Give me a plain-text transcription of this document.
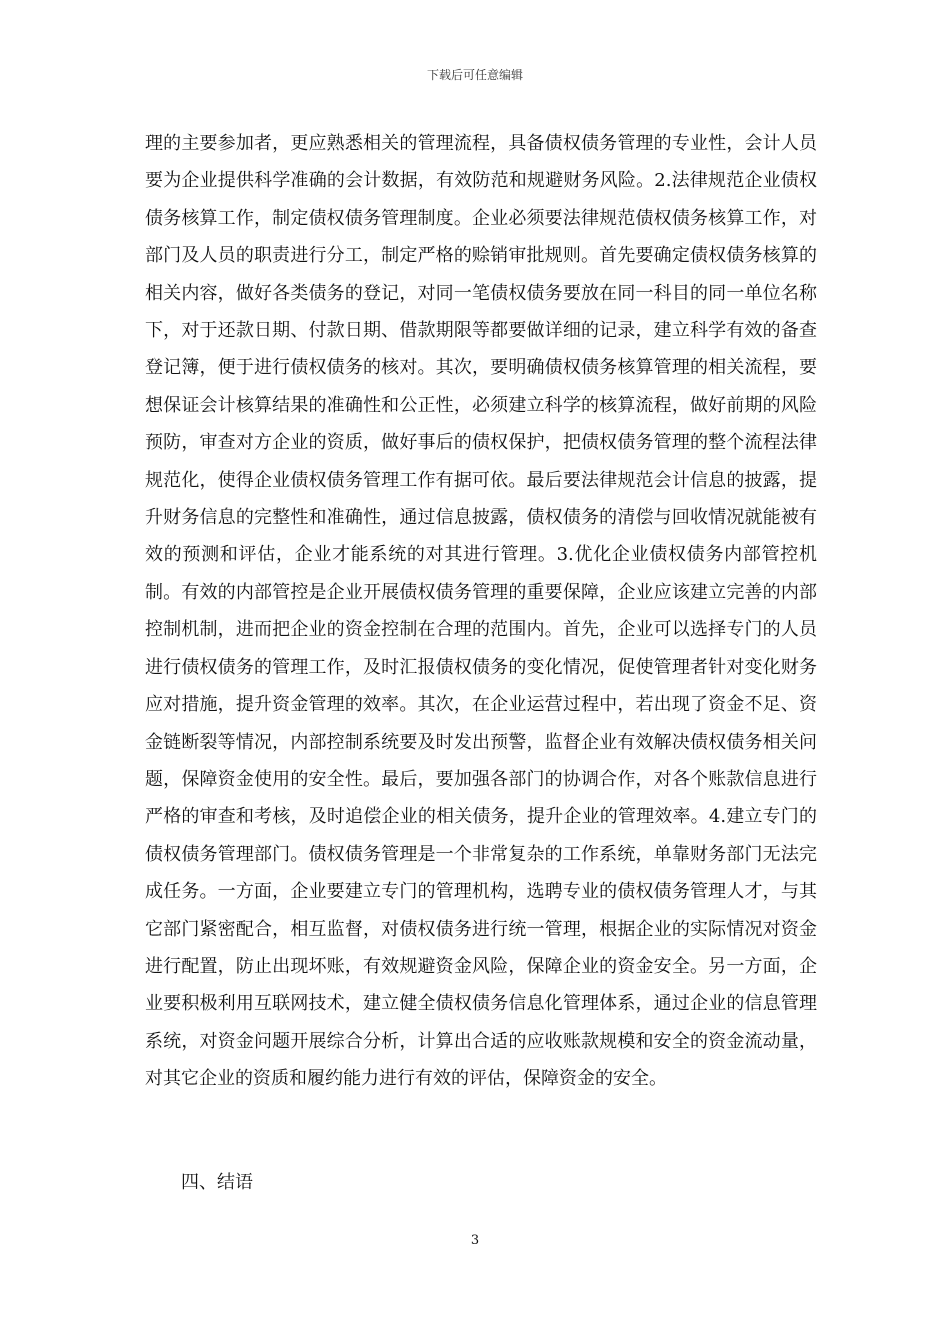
下载后可任意编辑

理的主要参加者，更应熟悉相关的管理流程，具备债权债务管理的专业性，会计人员要为企业提供科学准确的会计数据，有效防范和规避财务风险。2.法律规范企业债权债务核算工作，制定债权债务管理制度。企业必须要法律规范债权债务核算工作，对部门及人员的职责进行分工，制定严格的赊销审批规则。首先要确定债权债务核算的相关内容，做好各类债务的登记，对同一笔债权债务要放在同一科目的同一单位名称下，对于还款日期、付款日期、借款期限等都要做详细的记录，建立科学有效的备查登记簿，便于进行债权债务的核对。其次，要明确债权债务核算管理的相关流程，要想保证会计核算结果的准确性和公正性，必须建立科学的核算流程，做好前期的风险预防，审查对方企业的资质，做好事后的债权保护，把债权债务管理的整个流程法律规范化，使得企业债权债务管理工作有据可依。最后要法律规范会计信息的披露，提升财务信息的完整性和准确性，通过信息披露，债权债务的清偿与回收情况就能被有效的预测和评估，企业才能系统的对其进行管理。3.优化企业债权债务内部管控机制。有效的内部管控是企业开展债权债务管理的重要保障，企业应该建立完善的内部控制机制，进而把企业的资金控制在合理的范围内。首先，企业可以选择专门的人员进行债权债务的管理工作，及时汇报债权债务的变化情况，促使管理者针对变化财务应对措施，提升资金管理的效率。其次，在企业运营过程中，若出现了资金不足、资金链断裂等情况，内部控制系统要及时发出预警，监督企业有效解决债权债务相关问题，保障资金使用的安全性。最后，要加强各部门的协调合作，对各个账款信息进行严格的审查和考核，及时追偿企业的相关债务，提升企业的管理效率。4.建立专门的债权债务管理部门。债权债务管理是一个非常复杂的工作系统，单靠财务部门无法完成任务。一方面，企业要建立专门的管理机构，选聘专业的债权债务管理人才，与其它部门紧密配合，相互监督，对债权债务进行统一管理，根据企业的实际情况对资金进行配置，防止出现坏账，有效规避资金风险，保障企业的资金安全。另一方面，企业要积极利用互联网技术，建立健全债权债务信息化管理体系，通过企业的信息管理系统，对资金问题开展综合分析，计算出合适的应收账款规模和安全的资金流动量，对其它企业的资质和履约能力进行有效的评估，保障资金的安全。

四、结语
3
